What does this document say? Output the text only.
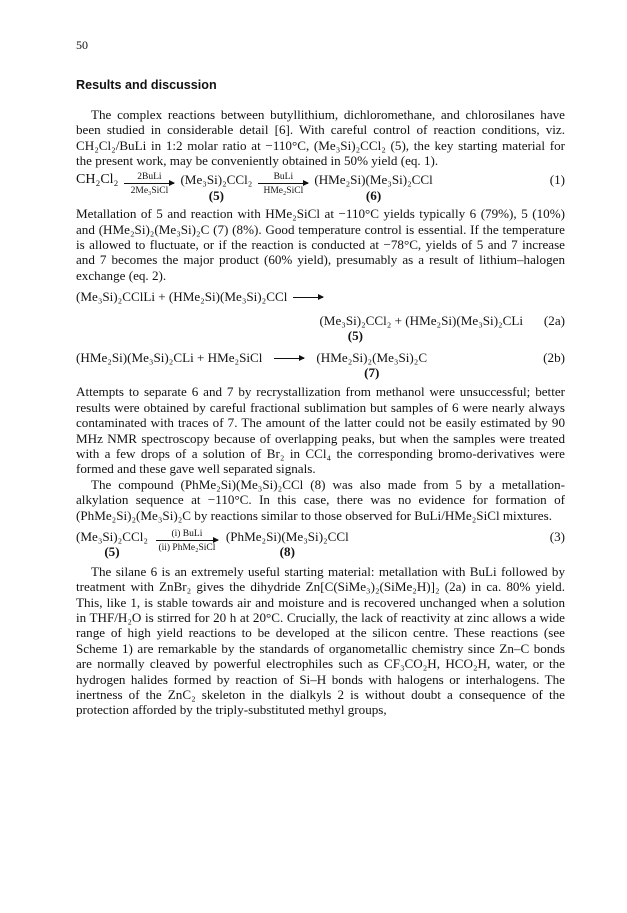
50
Results and discussion

The complex reactions between butyllithium, dichloromethane, and chlorosilanes have been studied in considerable detail [6]. With careful control of reaction conditions, viz. CH₂Cl₂/BuLi in 1:2 molar ratio at −110°C, (Me₃Si)₂CCl₂ (5), the key starting material for the present work, may be conveniently obtained in 50% yield (eq. 1).

CH₂Cl₂ 2BuLi
2Me₃SiCl
(Me₃Si)₂CCl₂
(5)
BuLi
HMe₂SiCl
(HMe₂Si)(Me₃Si)₂CCl
(6)
(1)

Metallation of 5 and reaction with HMe₂SiCl at −110°C yields typically 6 (79%), 5 (10%) and (HMe₂Si)₂(Me₃Si)₂C (7) (8%). Good temperature control is essential. If the temperature is allowed to fluctuate, or if the reaction is conducted at −78°C, yields of 5 and 7 increase and 7 becomes the major product (60% yield), presumably as a result of lithium–halogen exchange (eq. 2).

(Me₃Si)₂CClLi + (HMe₂Si)(Me₃Si)₂CCl
(Me₃Si)₂CCl₂
(5)
+ (HMe₂Si)(Me₃Si)₂CLi	(2a)
(HMe₂Si)(Me₃Si)₂CLi + HMe₂SiCl	(HMe₂Si)₂(Me₃Si)₂C
(7)
(2b)

Attempts to separate 6 and 7 by recrystallization from methanol were unsuccessful; better results were obtained by careful fractional sublimation but samples of 6 were nearly always contaminated with traces of 7. The amount of the latter could not be easily estimated by 90 MHz NMR spectroscopy because of overlapping peaks, but when the samples were treated with a few drops of a solution of Br₂ in CCl₄ the corresponding bromo-derivatives were formed and these gave well separated signals.

The compound (PhMe₂Si)(Me₃Si)₂CCl (8) was also made from 5 by a metallation-alkylation sequence at −110°C. In this case, there was no evidence for formation of (PhMe₂Si)₂(Me₃Si)₂C by reactions similar to those observed for BuLi/HMe₂SiCl mixtures.

(Me₃Si)₂CCl₂
(5)
(i) BuLi
(ii) PhMe₂SiCl
(PhMe₂Si)(Me₃Si)₂CCl
(8)
(3)

The silane 6 is an extremely useful starting material: metallation with BuLi followed by treatment with ZnBr₂ gives the dihydride Zn[C(SiMe₃)₂(SiMe₂H)]₂ (2a) in ca. 80% yield. This, like 1, is stable towards air and moisture and is recovered unchanged when a solution in THF/H₂O is stirred for 20 h at 20°C. Crucially, the lack of reactivity at zinc allows a wide range of high yield reactions to be developed at the silicon centre. These reactions (see Scheme 1) are remarkable by the standards of organometallic chemistry since Zn–C bonds are normally cleaved by powerful electrophiles such as CF₃CO₂H, HCO₂H, water, or the hydrogen halides formed by reaction of Si–H bonds with halogens or interhalogens. The inertness of the ZnC₂ skeleton in the dialkyls 2 is without doubt a consequence of the protection afforded by the triply-substituted methyl groups,
